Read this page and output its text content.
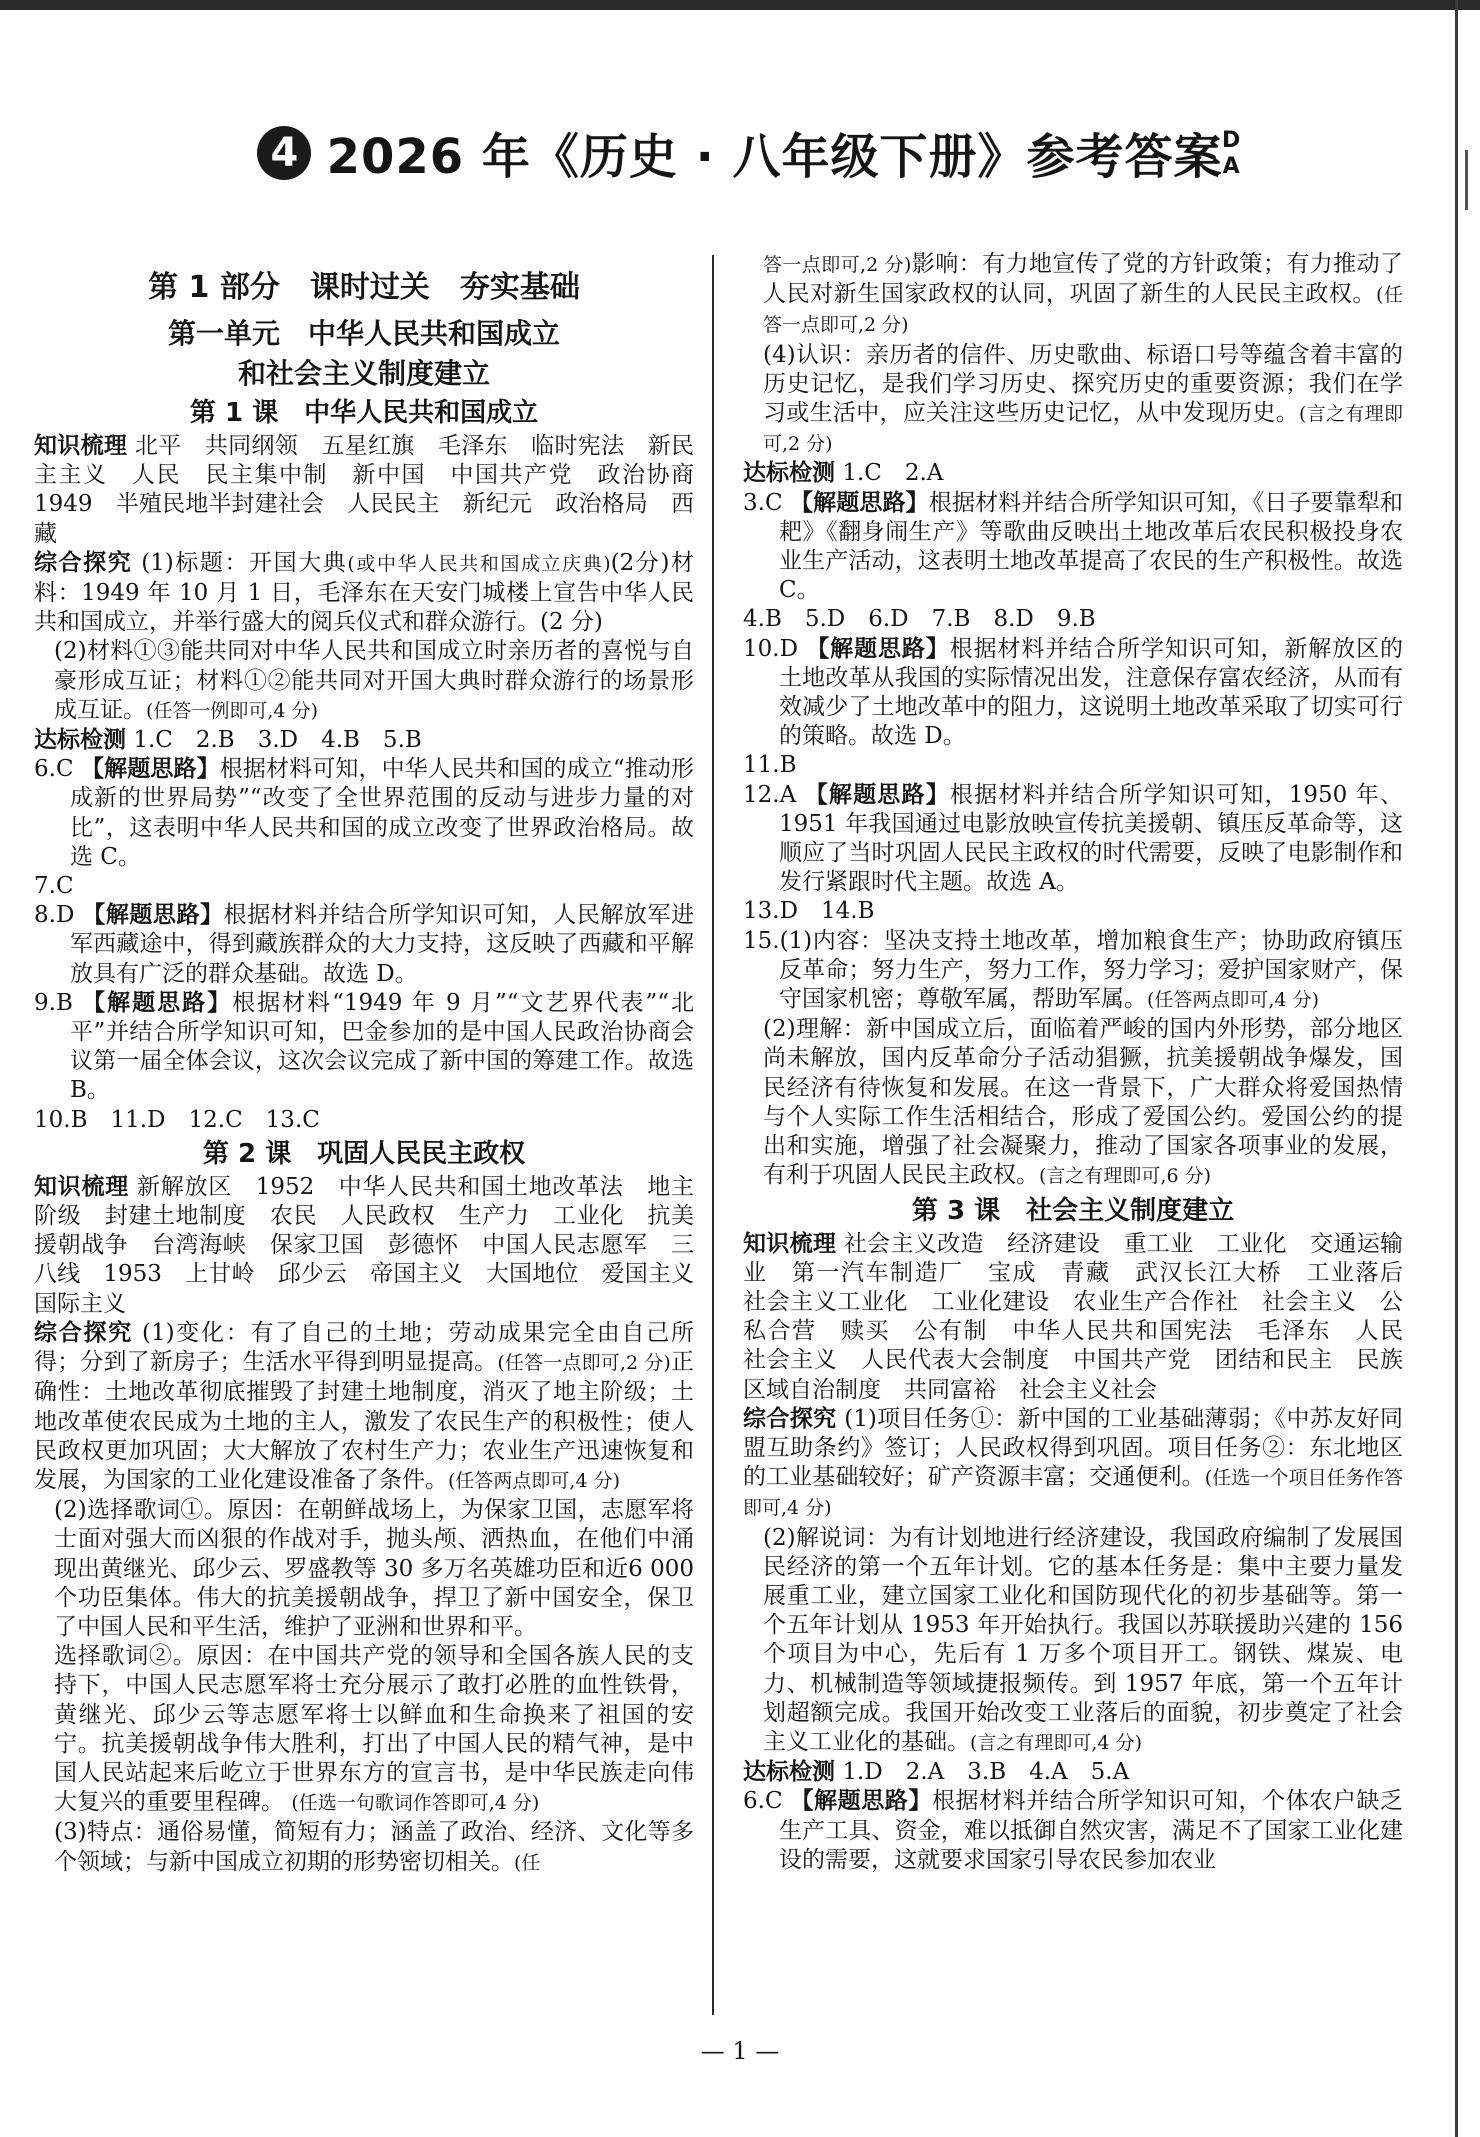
4 2026 年《历史 · 八年级下册》参考答案 D
A
第 1 部分　课时过关　夯实基础
第一单元　中华人民共和国成立
和社会主义制度建立
第 1 课　中华人民共和国成立
知识梳理 北平　共同纲领　五星红旗　毛泽东　临时宪法　新民主主义　人民　民主集中制　新中国　中国共产党　政治协商　1949　半殖民地半封建社会　人民民主　新纪元　政治格局　西藏
综合探究 (1)标题：开国大典(或中华人民共和国成立庆典)(2分)材料：1949 年 10 月 1 日，毛泽东在天安门城楼上宣告中华人民共和国成立，并举行盛大的阅兵仪式和群众游行。(2 分)
(2)材料①③能共同对中华人民共和国成立时亲历者的喜悦与自豪形成互证；材料①②能共同对开国大典时群众游行的场景形成互证。(任答一例即可,4 分)
达标检测 1.C　2.B　3.D　4.B　5.B
6.C 【解题思路】根据材料可知，中华人民共和国的成立“推动形成新的世界局势”“改变了全世界范围的反动与进步力量的对比”，这表明中华人民共和国的成立改变了世界政治格局。故选 C。
7.C
8.D 【解题思路】根据材料并结合所学知识可知，人民解放军进军西藏途中，得到藏族群众的大力支持，这反映了西藏和平解放具有广泛的群众基础。故选 D。
9.B 【解题思路】根据材料“1949 年 9 月”“文艺界代表”“北平”并结合所学知识可知，巴金参加的是中国人民政治协商会议第一届全体会议，这次会议完成了新中国的筹建工作。故选 B。
10.B　11.D　12.C　13.C
第 2 课　巩固人民民主政权
知识梳理 新解放区　1952　中华人民共和国土地改革法　地主阶级　封建土地制度　农民　人民政权　生产力　工业化　抗美援朝战争　台湾海峡　保家卫国　彭德怀　中国人民志愿军　三八线　1953　上甘岭　邱少云　帝国主义　大国地位　爱国主义　国际主义
综合探究 (1)变化：有了自己的土地；劳动成果完全由自己所得；分到了新房子；生活水平得到明显提高。(任答一点即可,2 分)正确性：土地改革彻底摧毁了封建土地制度，消灭了地主阶级；土地改革使农民成为土地的主人，激发了农民生产的积极性；使人民政权更加巩固；大大解放了农村生产力；农业生产迅速恢复和发展，为国家的工业化建设准备了条件。(任答两点即可,4 分)
(2)选择歌词①。原因：在朝鲜战场上，为保家卫国，志愿军将士面对强大而凶狠的作战对手，抛头颅、洒热血，在他们中涌现出黄继光、邱少云、罗盛教等 30 多万名英雄功臣和近6 000个功臣集体。伟大的抗美援朝战争，捍卫了新中国安全，保卫了中国人民和平生活，维护了亚洲和世界和平。
选择歌词②。原因：在中国共产党的领导和全国各族人民的支持下，中国人民志愿军将士充分展示了敢打必胜的血性铁骨，黄继光、邱少云等志愿军将士以鲜血和生命换来了祖国的安宁。抗美援朝战争伟大胜利，打出了中国人民的精气神，是中国人民站起来后屹立于世界东方的宣言书，是中华民族走向伟大复兴的重要里程碑。 (任选一句歌词作答即可,4 分)
(3)特点：通俗易懂，简短有力；涵盖了政治、经济、文化等多个领域；与新中国成立初期的形势密切相关。(任
答一点即可,2 分)影响：有力地宣传了党的方针政策；有力推动了人民对新生国家政权的认同，巩固了新生的人民民主政权。(任答一点即可,2 分)
(4)认识：亲历者的信件、历史歌曲、标语口号等蕴含着丰富的历史记忆，是我们学习历史、探究历史的重要资源；我们在学习或生活中，应关注这些历史记忆，从中发现历史。(言之有理即可,2 分)
达标检测 1.C　2.A
3.C 【解题思路】根据材料并结合所学知识可知，《日子要靠犁和耙》《翻身闹生产》等歌曲反映出土地改革后农民积极投身农业生产活动，这表明土地改革提高了农民的生产积极性。故选 C。
4.B　5.D　6.D　7.B　8.D　9.B
10.D 【解题思路】根据材料并结合所学知识可知，新解放区的土地改革从我国的实际情况出发，注意保存富农经济，从而有效减少了土地改革中的阻力，这说明土地改革采取了切实可行的策略。故选 D。
11.B
12.A 【解题思路】根据材料并结合所学知识可知，1950 年、1951 年我国通过电影放映宣传抗美援朝、镇压反革命等，这顺应了当时巩固人民民主政权的时代需要，反映了电影制作和发行紧跟时代主题。故选 A。
13.D　14.B
15.(1)内容：坚决支持土地改革，增加粮食生产；协助政府镇压反革命；努力生产，努力工作，努力学习；爱护国家财产，保守国家机密；尊敬军属，帮助军属。(任答两点即可,4 分)
(2)理解：新中国成立后，面临着严峻的国内外形势，部分地区尚未解放，国内反革命分子活动猖獗，抗美援朝战争爆发，国民经济有待恢复和发展。在这一背景下，广大群众将爱国热情与个人实际工作生活相结合，形成了爱国公约。爱国公约的提出和实施，增强了社会凝聚力，推动了国家各项事业的发展，有利于巩固人民民主政权。(言之有理即可,6 分)
第 3 课　社会主义制度建立
知识梳理 社会主义改造　经济建设　重工业　工业化　交通运输业　第一汽车制造厂　宝成　青藏　武汉长江大桥　工业落后　社会主义工业化　工业化建设　农业生产合作社　社会主义　公私合营　赎买　公有制　中华人民共和国宪法　毛泽东　人民　社会主义　人民代表大会制度　中国共产党　团结和民主　民族区域自治制度　共同富裕　社会主义社会
综合探究 (1)项目任务①：新中国的工业基础薄弱；《中苏友好同盟互助条约》签订；人民政权得到巩固。项目任务②：东北地区的工业基础较好；矿产资源丰富；交通便利。(任选一个项目任务作答即可,4 分)
(2)解说词：为有计划地进行经济建设，我国政府编制了发展国民经济的第一个五年计划。它的基本任务是：集中主要力量发展重工业，建立国家工业化和国防现代化的初步基础等。第一个五年计划从 1953 年开始执行。我国以苏联援助兴建的 156 个项目为中心，先后有 1 万多个项目开工。钢铁、煤炭、电力、机械制造等领域捷报频传。到 1957 年底，第一个五年计划超额完成。我国开始改变工业落后的面貌，初步奠定了社会主义工业化的基础。(言之有理即可,4 分)
达标检测 1.D　2.A　3.B　4.A　5.A
6.C 【解题思路】根据材料并结合所学知识可知，个体农户缺乏生产工具、资金，难以抵御自然灾害，满足不了国家工业化建设的需要，这就要求国家引导农民参加农业
— 1 —
